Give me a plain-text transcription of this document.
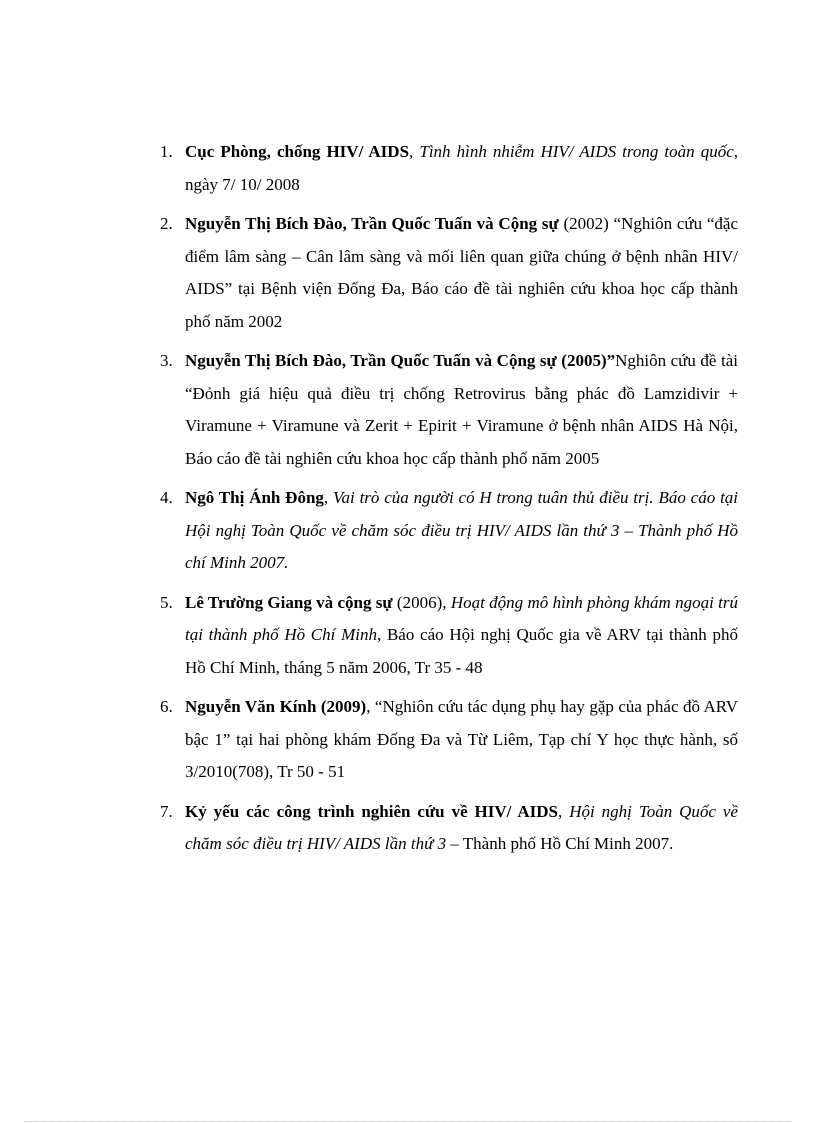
1. Cục Phòng, chống HIV/ AIDS, Tình hình nhiễm HIV/ AIDS trong toàn quốc, ngày 7/ 10/ 2008
2. Nguyễn Thị Bích Đào, Trần Quốc Tuấn và Cộng sự (2002) “Nghiôn cứu “đặc điểm lâm sàng – Cân lâm sàng và mối liên quan giữa chúng ở bệnh nhân HIV/ AIDS” tại Bệnh viện Đống Đa, Báo cáo đề tài nghiên cứu khoa học cấp thành phố năm 2002
3. Nguyễn Thị Bích Đào, Trần Quốc Tuấn và Cộng sự (2005)”Nghiôn cứu đề tài “Đỏnh giá hiệu quả điều trị chống Retrovirus bằng phác đồ Lamzidivir + Viramune + Viramune và Zerit + Epirit + Viramune ở bệnh nhân AIDS Hà Nội, Báo cáo đề tài nghiên cứu khoa học cấp thành phố năm 2005
4. Ngô Thị Ánh Đông, Vai trò của người có H trong tuân thủ điều trị. Báo cáo tại Hội nghị Toàn Quốc về chăm sóc điều trị HIV/ AIDS lần thứ 3 – Thành phố Hồ chí Minh 2007.
5. Lê Trường Giang và cộng sự (2006), Hoạt động mô hình phòng khám ngoại trú tại thành phố Hồ Chí Minh, Báo cáo Hội nghị Quốc gia về ARV tại thành phố Hồ Chí Minh, tháng 5 năm 2006, Tr 35 - 48
6. Nguyễn Văn Kính (2009), “Nghiôn cứu tác dụng phụ hay gặp của phác đồ ARV bậc 1” tại hai phòng khám Đống Đa và Từ Liêm, Tạp chí Y học thực hành, số 3/2010(708), Tr 50 - 51
7. Kỷ yếu các công trình nghiên cứu về HIV/ AIDS, Hội nghị Toàn Quốc về chăm sóc điều trị HIV/ AIDS lần thứ 3 – Thành phố Hồ Chí Minh 2007.
